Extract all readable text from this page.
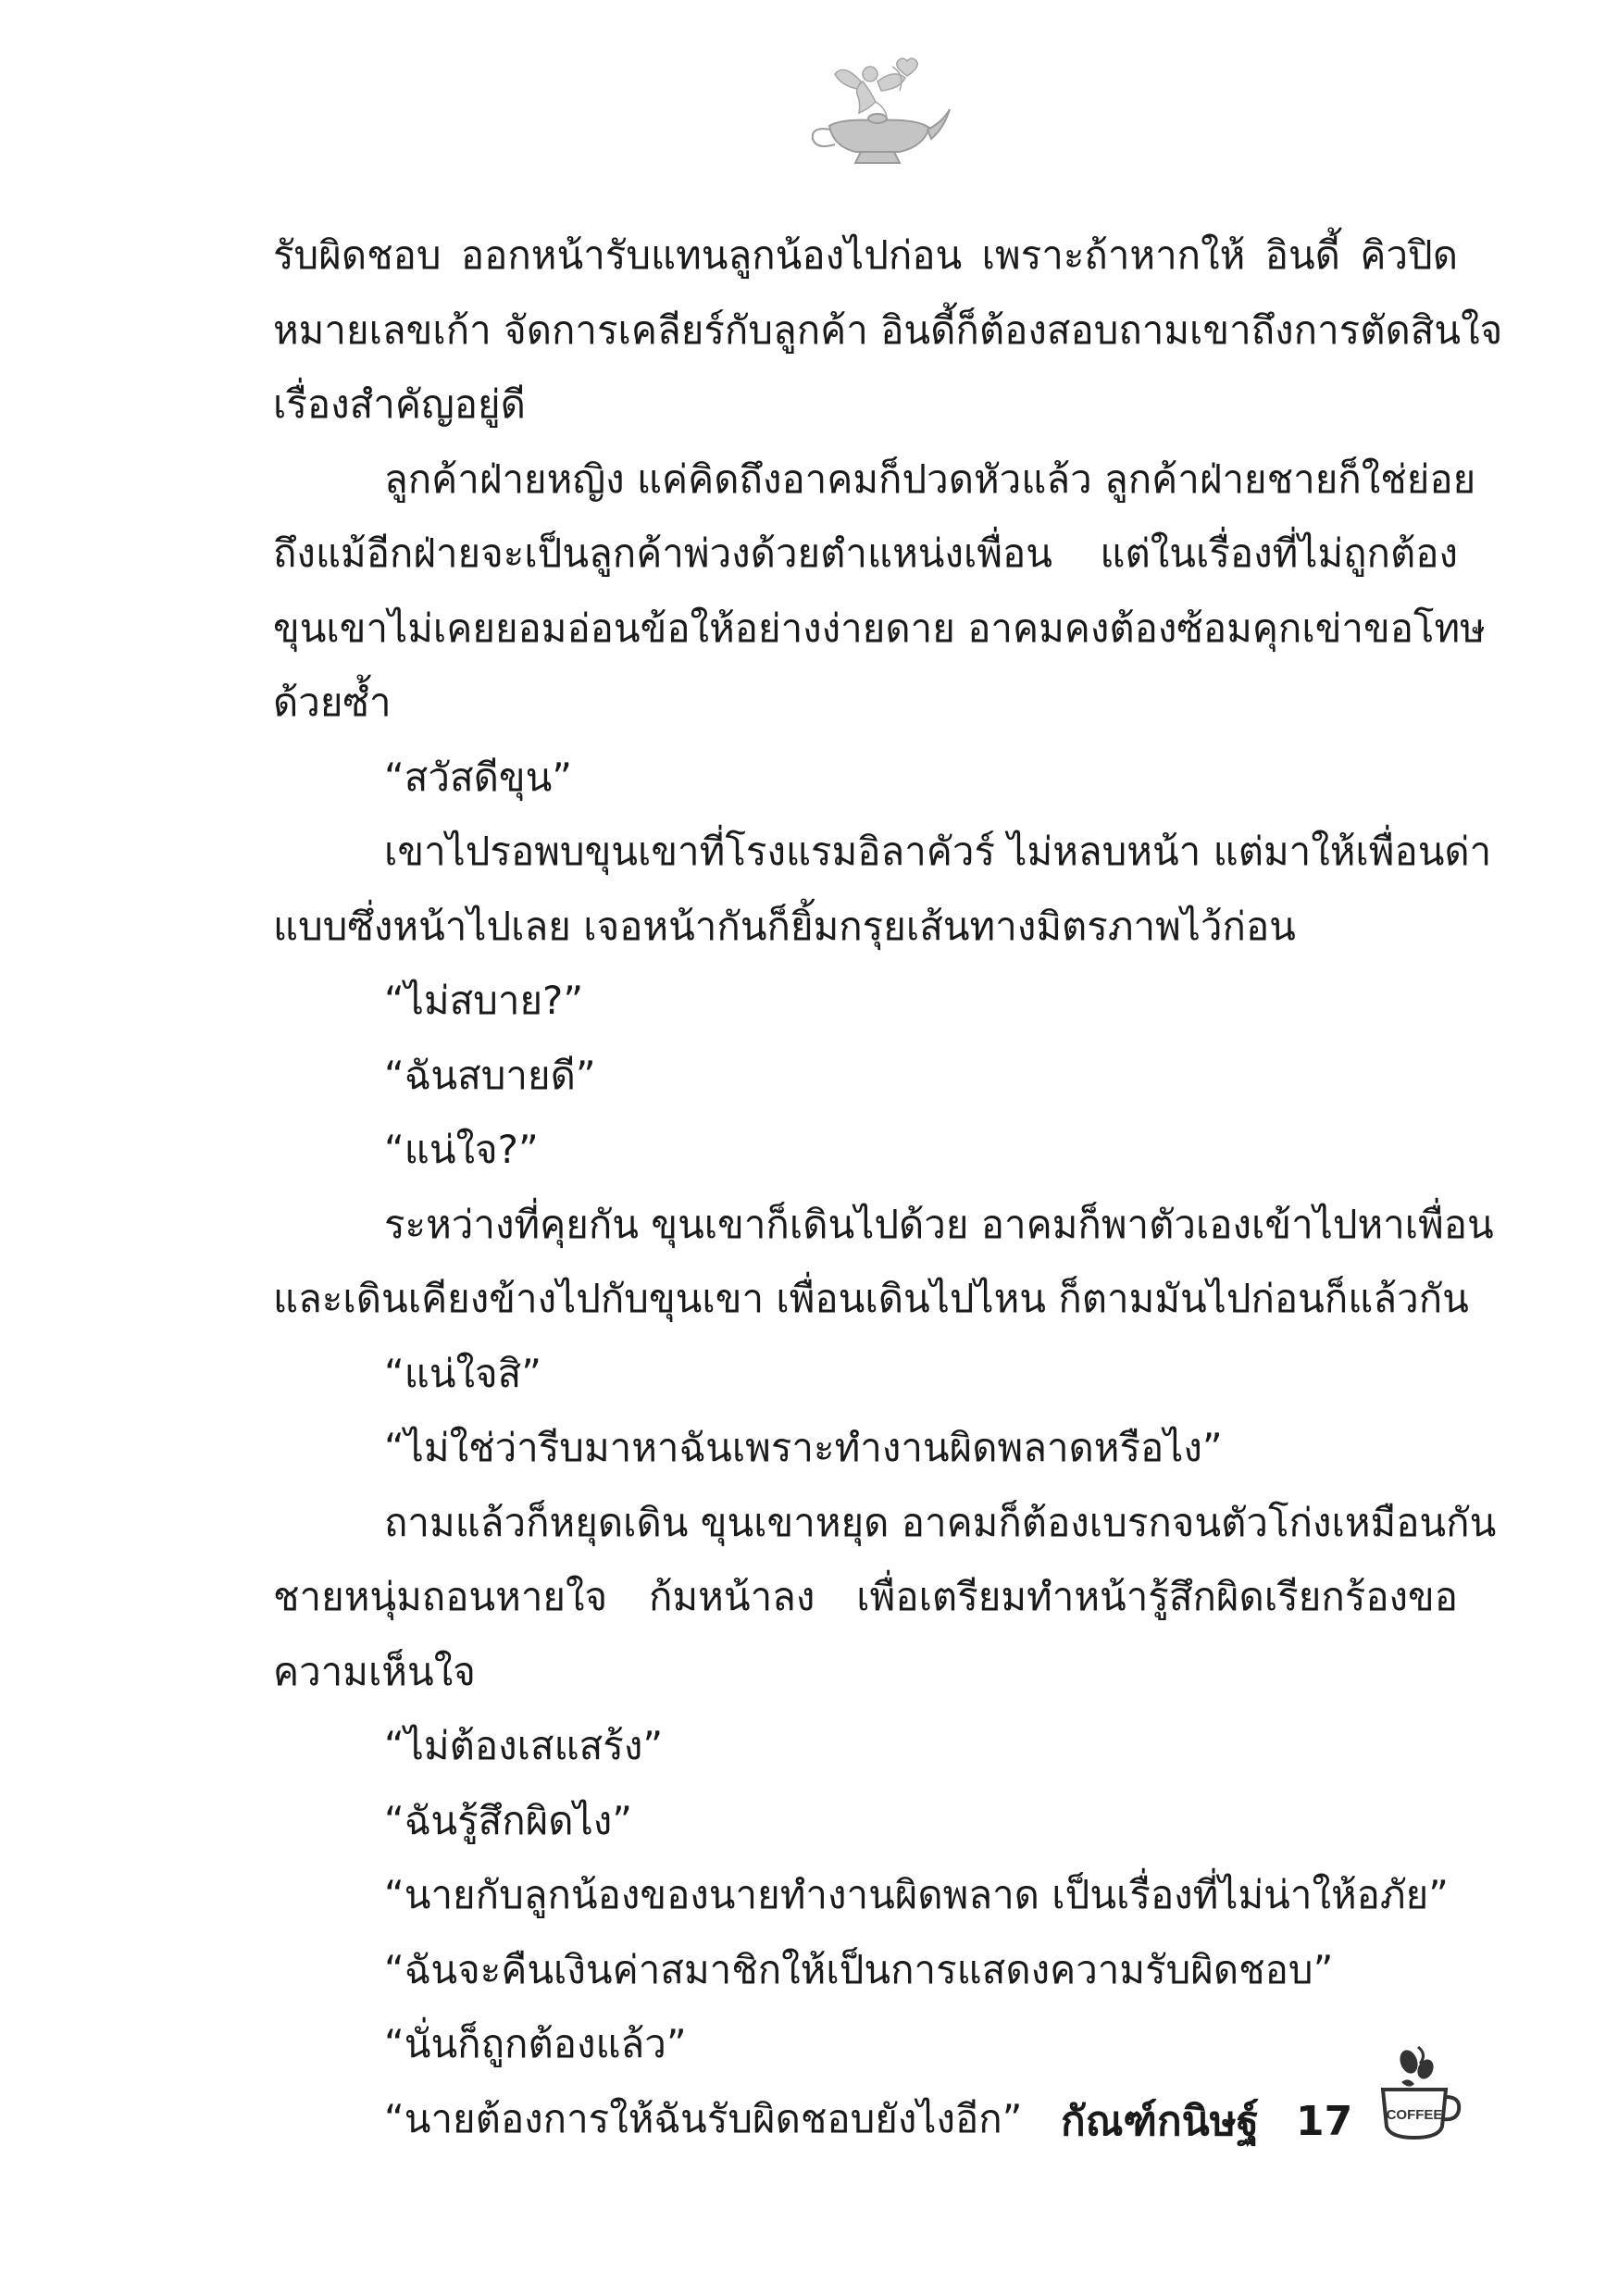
รับผิดชอบ ออกหน้ารับแทนลูกน้องไปก่อน เพราะถ้าหากให้ อินดี้ คิวปิด
หมายเลขเก้า จัดการเคลียร์กับลูกค้า อินดี้ก็ต้องสอบถามเขาถึงการตัดสินใจ
เรื่องสำคัญอยู่ดี
ลูกค้าฝ่ายหญิง แค่คิดถึงอาคมก็ปวดหัวแล้ว ลูกค้าฝ่ายชายก็ใช่ย่อย
ถึงแม้อีกฝ่ายจะเป็นลูกค้าพ่วงด้วยตำแหน่งเพื่อน แต่ในเรื่องที่ไม่ถูกต้อง
ขุนเขาไม่เคยยอมอ่อนข้อให้อย่างง่ายดาย อาคมคงต้องซ้อมคุกเข่าขอโทษ
ด้วยซ้ำ
“สวัสดีขุน”
เขาไปรอพบขุนเขาที่โรงแรมอิลาคัวร์ ไม่หลบหน้า แต่มาให้เพื่อนด่า
แบบซึ่งหน้าไปเลย เจอหน้ากันก็ยิ้มกรุยเส้นทางมิตรภาพไว้ก่อน
“ไม่สบาย?”
“ฉันสบายดี”
“แน่ใจ?”
ระหว่างที่คุยกัน ขุนเขาก็เดินไปด้วย อาคมก็พาตัวเองเข้าไปหาเพื่อน
และเดินเคียงข้างไปกับขุนเขา เพื่อนเดินไปไหน ก็ตามมันไปก่อนก็แล้วกัน
“แน่ใจสิ”
“ไม่ใช่ว่ารีบมาหาฉันเพราะทำงานผิดพลาดหรือไง”
ถามแล้วก็หยุดเดิน ขุนเขาหยุด อาคมก็ต้องเบรกจนตัวโก่งเหมือนกัน
ชายหนุ่มถอนหายใจ ก้มหน้าลง เพื่อเตรียมทำหน้ารู้สึกผิดเรียกร้องขอ
ความเห็นใจ
“ไม่ต้องเสแสร้ง”
“ฉันรู้สึกผิดไง”
“นายกับลูกน้องของนายทำงานผิดพลาด เป็นเรื่องที่ไม่น่าให้อภัย”
“ฉันจะคืนเงินค่าสมาชิกให้เป็นการแสดงความรับผิดชอบ”
“นั่นก็ถูกต้องแล้ว”
“นายต้องการให้ฉันรับผิดชอบยังไงอีก” กัณฑ์กนิษฐ์ 17 COFFEE
